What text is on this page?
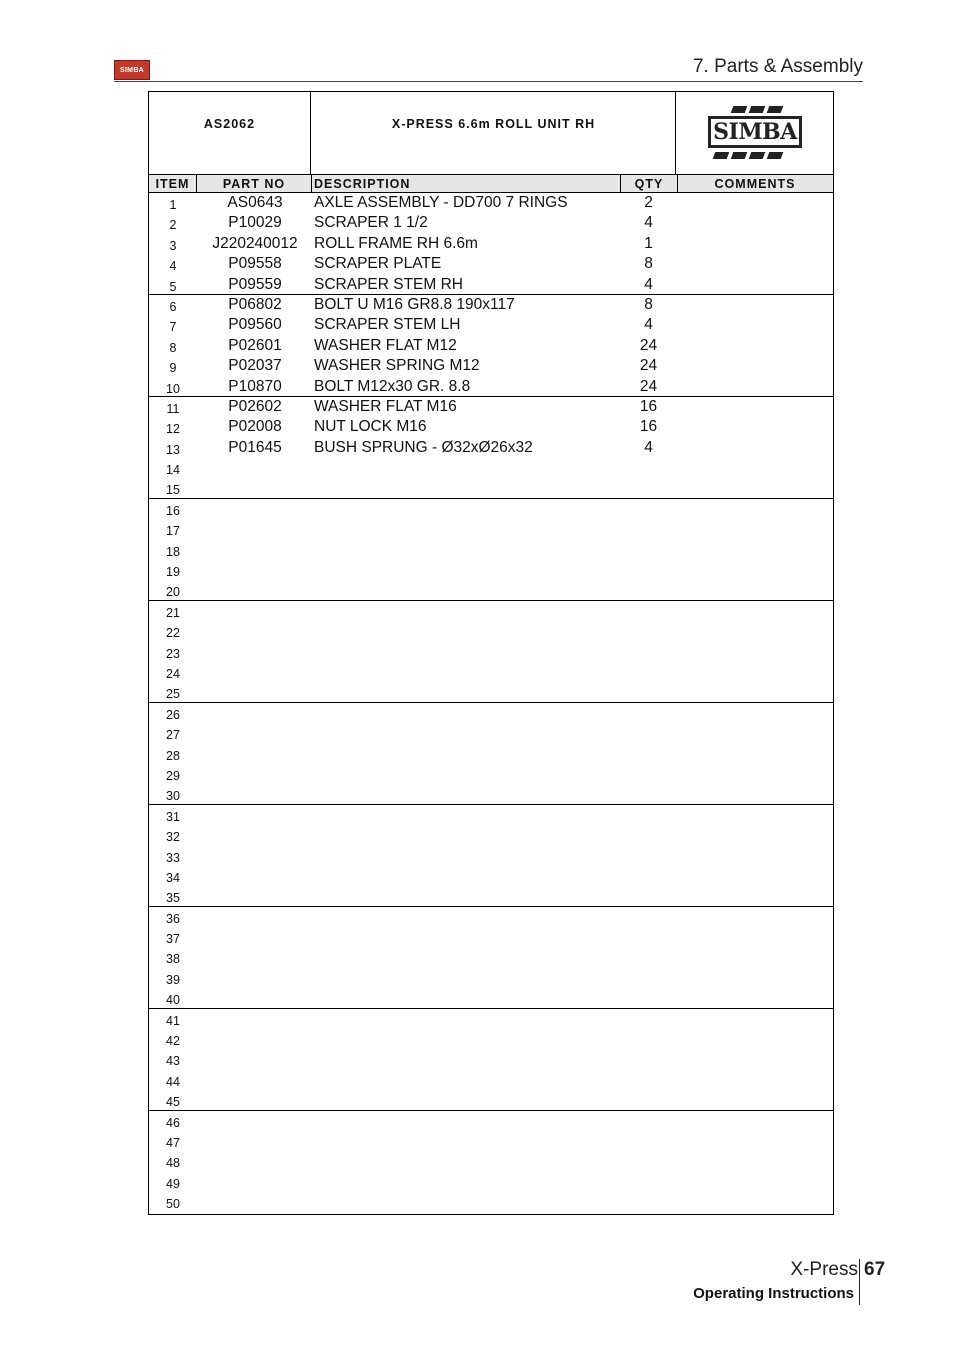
SIMBA	7. Parts & Assembly
AS2062	X-PRESS 6.6m ROLL UNIT RH	SIMBA
ITEM	PART NO	DESCRIPTION	QTY	COMMENTS
1	AS0643	AXLE ASSEMBLY - DD700 7 RINGS	2
2	P10029	SCRAPER 1 1/2	4
3	J220240012	ROLL FRAME RH 6.6m	1
4	P09558	SCRAPER PLATE	8
5	P09559	SCRAPER STEM RH	4
6	P06802	BOLT U M16 GR8.8 190x117	8
7	P09560	SCRAPER STEM LH	4
8	P02601	WASHER FLAT M12	24
9	P02037	WASHER SPRING M12	24
10	P10870	BOLT M12x30 GR. 8.8	24
11	P02602	WASHER FLAT M16	16
12	P02008	NUT LOCK M16	16
13	P01645	BUSH SPRUNG - Ø32xØ26x32	4
14
15
16
17
18
19
20
21
22
23
24
25
26
27
28
29
30
31
32
33
34
35
36
37
38
39
40
41
42
43
44
45
46
47
48
49
50
X-Press 67
Operating Instructions
